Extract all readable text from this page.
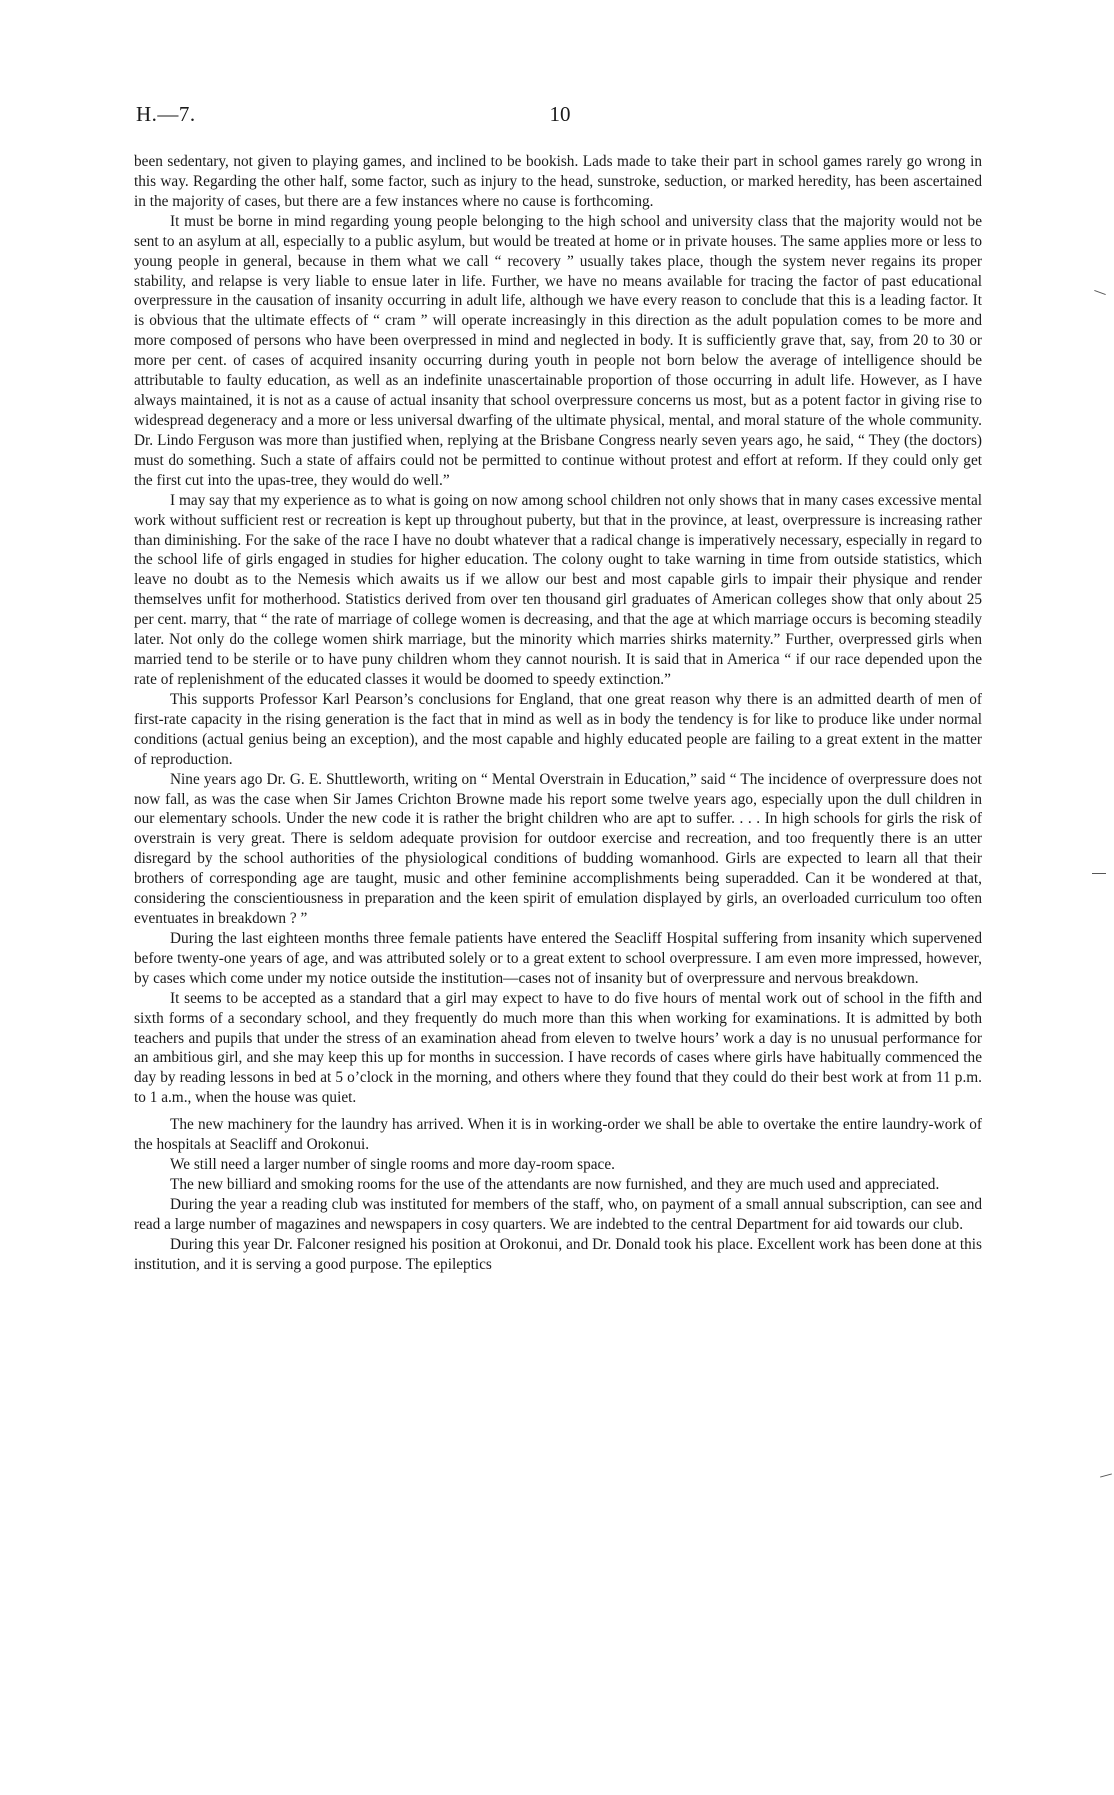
H.—7.	10

been sedentary, not given to playing games, and inclined to be bookish. Lads made to take their part in school games rarely go wrong in this way. Regarding the other half, some factor, such as injury to the head, sunstroke, seduction, or marked heredity, has been ascertained in the majority of cases, but there are a few instances where no cause is forthcoming.

It must be borne in mind regarding young people belonging to the high school and university class that the majority would not be sent to an asylum at all, especially to a public asylum, but would be treated at home or in private houses. The same applies more or less to young people in general, because in them what we call “ recovery ” usually takes place, though the system never regains its proper stability, and relapse is very liable to ensue later in life. Further, we have no means available for tracing the factor of past educational overpressure in the causation of insanity occurring in adult life, although we have every reason to conclude that this is a leading factor. It is obvious that the ultimate effects of “ cram ” will operate increasingly in this direction as the adult population comes to be more and more composed of persons who have been overpressed in mind and neglected in body. It is sufficiently grave that, say, from 20 to 30 or more per cent. of cases of acquired insanity occurring during youth in people not born below the average of intelligence should be attributable to faulty education, as well as an indefinite unascertainable proportion of those occurring in adult life. However, as I have always maintained, it is not as a cause of actual insanity that school overpressure concerns us most, but as a potent factor in giving rise to widespread degeneracy and a more or less universal dwarfing of the ultimate physical, mental, and moral stature of the whole community. Dr. Lindo Ferguson was more than justified when, replying at the Brisbane Congress nearly seven years ago, he said, “ They (the doctors) must do something. Such a state of affairs could not be permitted to continue without protest and effort at reform. If they could only get the first cut into the upas-tree, they would do well.”

I may say that my experience as to what is going on now among school children not only shows that in many cases excessive mental work without sufficient rest or recreation is kept up throughout puberty, but that in the province, at least, overpressure is increasing rather than diminishing. For the sake of the race I have no doubt whatever that a radical change is imperatively necessary, especially in regard to the school life of girls engaged in studies for higher education. The colony ought to take warning in time from outside statistics, which leave no doubt as to the Nemesis which awaits us if we allow our best and most capable girls to impair their physique and render themselves unfit for motherhood. Statistics derived from over ten thousand girl graduates of American colleges show that only about 25 per cent. marry, that “ the rate of marriage of college women is decreasing, and that the age at which marriage occurs is becoming steadily later. Not only do the college women shirk marriage, but the minority which marries shirks maternity.” Further, overpressed girls when married tend to be sterile or to have puny children whom they cannot nourish. It is said that in America “ if our race depended upon the rate of replenishment of the educated classes it would be doomed to speedy extinction.”

This supports Professor Karl Pearson’s conclusions for England, that one great reason why there is an admitted dearth of men of first-rate capacity in the rising generation is the fact that in mind as well as in body the tendency is for like to produce like under normal conditions (actual genius being an exception), and the most capable and highly educated people are failing to a great extent in the matter of reproduction.

Nine years ago Dr. G. E. Shuttleworth, writing on “ Mental Overstrain in Education,” said “ The incidence of overpressure does not now fall, as was the case when Sir James Crichton Browne made his report some twelve years ago, especially upon the dull children in our elementary schools. Under the new code it is rather the bright children who are apt to suffer. . . . In high schools for girls the risk of overstrain is very great. There is seldom adequate provision for outdoor exercise and recreation, and too frequently there is an utter disregard by the school authorities of the physiological conditions of budding womanhood. Girls are expected to learn all that their brothers of corresponding age are taught, music and other feminine accomplishments being superadded. Can it be wondered at that, considering the conscientiousness in preparation and the keen spirit of emulation displayed by girls, an overloaded curriculum too often eventuates in breakdown ? ”

During the last eighteen months three female patients have entered the Seacliff Hospital suffering from insanity which supervened before twenty-one years of age, and was attributed solely or to a great extent to school overpressure. I am even more impressed, however, by cases which come under my notice outside the institution—cases not of insanity but of overpressure and nervous breakdown.

It seems to be accepted as a standard that a girl may expect to have to do five hours of mental work out of school in the fifth and sixth forms of a secondary school, and they frequently do much more than this when working for examinations. It is admitted by both teachers and pupils that under the stress of an examination ahead from eleven to twelve hours’ work a day is no unusual performance for an ambitious girl, and she may keep this up for months in succession. I have records of cases where girls have habitually commenced the day by reading lessons in bed at 5 o’clock in the morning, and others where they found that they could do their best work at from 11 p.m. to 1 a.m., when the house was quiet.

The new machinery for the laundry has arrived. When it is in working-order we shall be able to overtake the entire laundry-work of the hospitals at Seacliff and Orokonui.

We still need a larger number of single rooms and more day-room space.

The new billiard and smoking rooms for the use of the attendants are now furnished, and they are much used and appreciated.

During the year a reading club was instituted for members of the staff, who, on payment of a small annual subscription, can see and read a large number of magazines and newspapers in cosy quarters. We are indebted to the central Department for aid towards our club.

During this year Dr. Falconer resigned his position at Orokonui, and Dr. Donald took his place. Excellent work has been done at this institution, and it is serving a good purpose. The epileptics
